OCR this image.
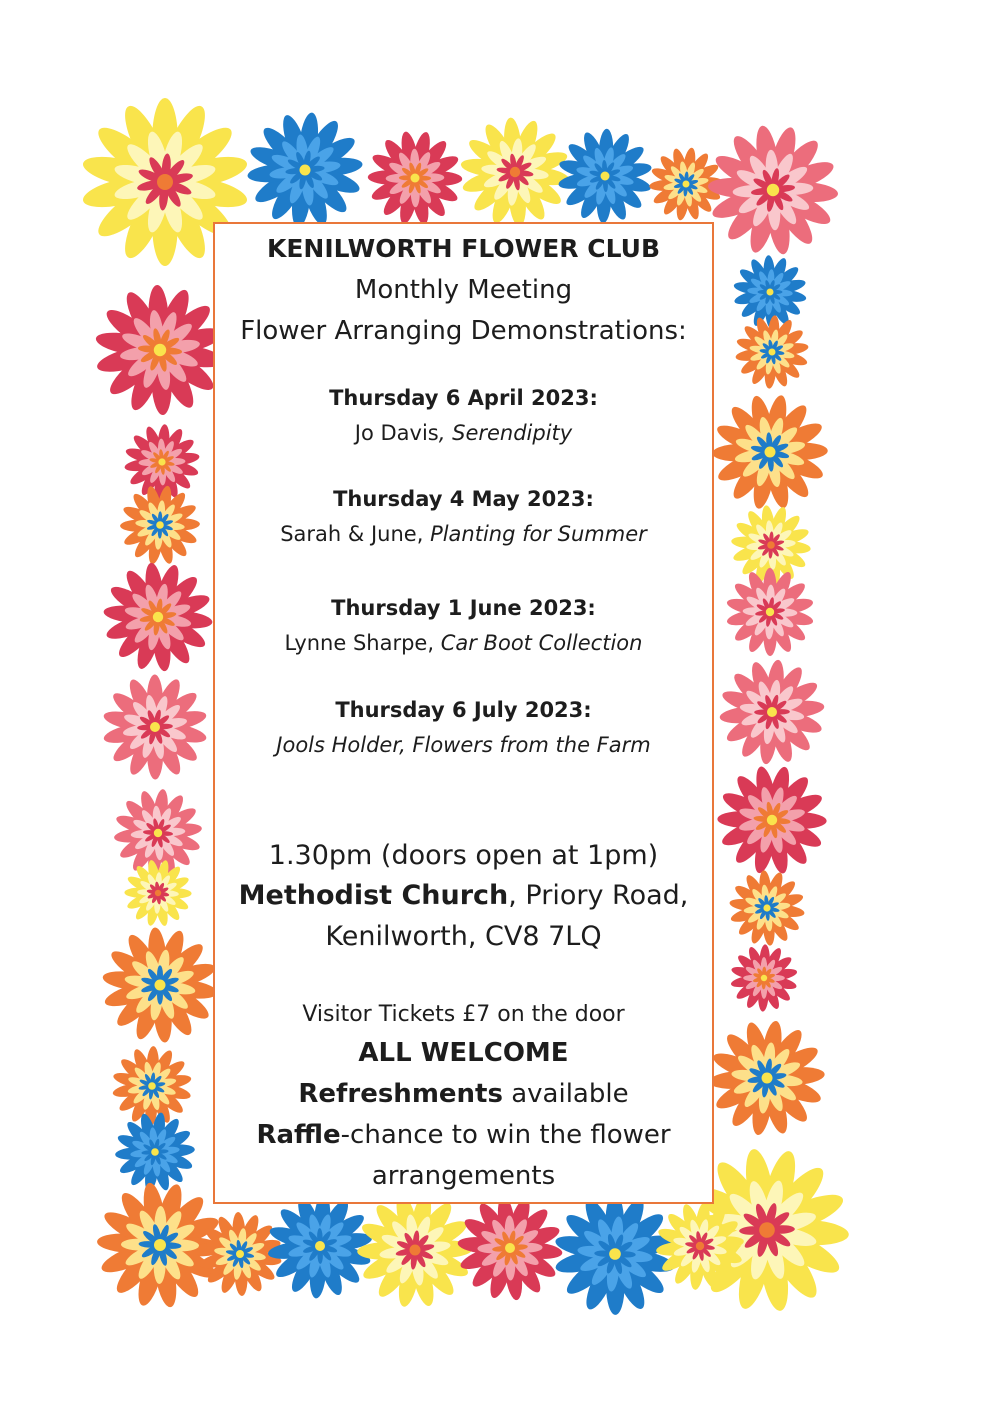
KENILWORTH FLOWER CLUB
Monthly Meeting
Flower Arranging Demonstrations:
Thursday 6 April 2023:
Jo Davis, Serendipity
Thursday 4 May 2023:
Sarah & June, Planting for Summer
Thursday 1 June 2023:
Lynne Sharpe, Car Boot Collection
Thursday 6 July 2023:
Jools Holder, Flowers from the Farm
1.30pm (doors open at 1pm)
Methodist Church, Priory Road,
Kenilworth, CV8 7LQ
Visitor Tickets £7 on the door
ALL WELCOME
Refreshments available
Raffle-chance to win the flower
arrangements
